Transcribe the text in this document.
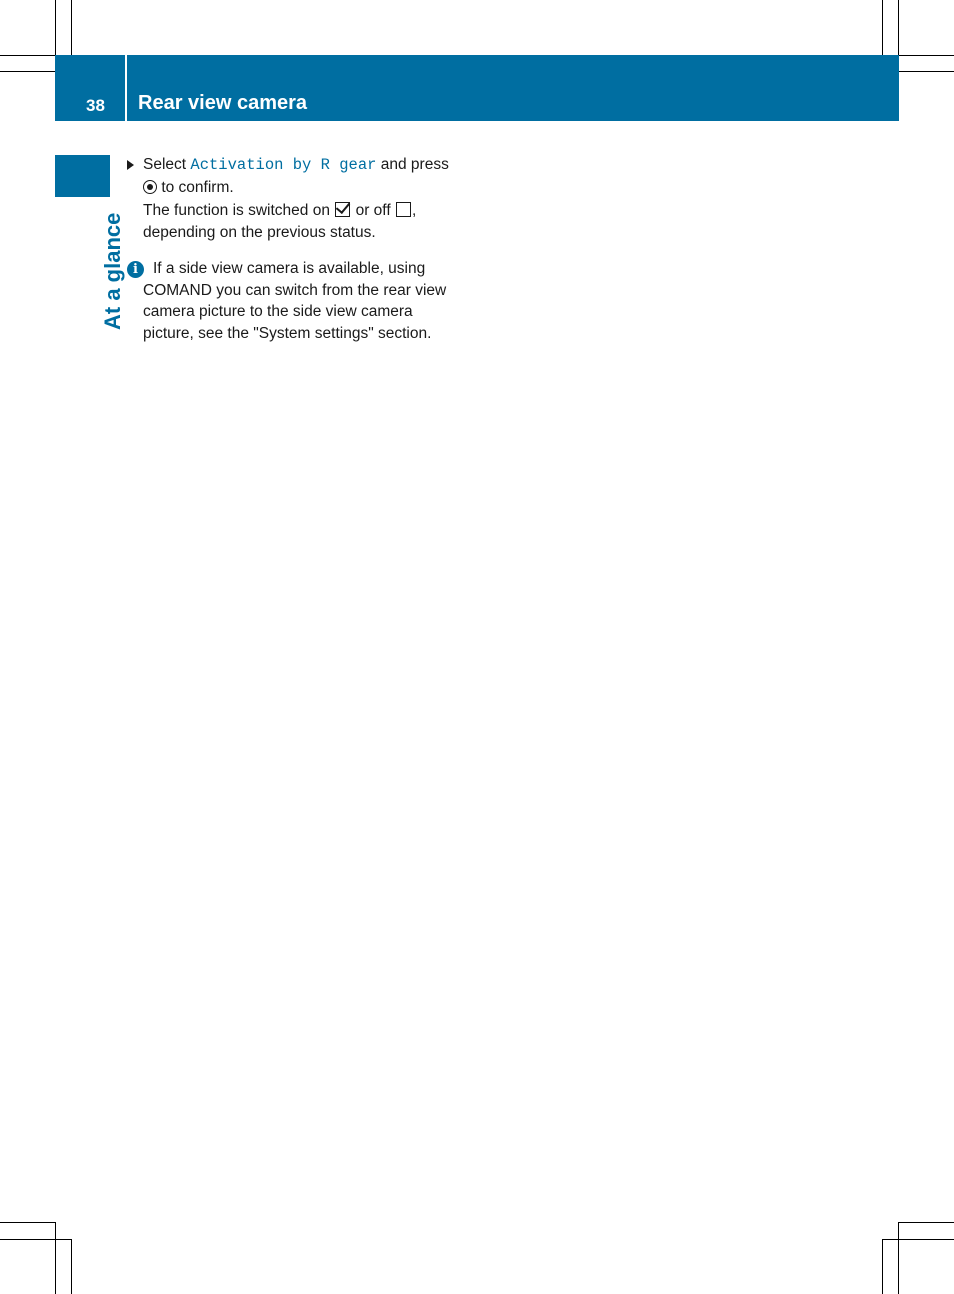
38 Rear view camera
At a glance
Select Activation by R gear and press
to confirm.
The function is switched on or off ,
depending on the previous status.
i If a side view camera is available, using
COMAND you can switch from the rear view
camera picture to the side view camera
picture, see the "System settings" section.
